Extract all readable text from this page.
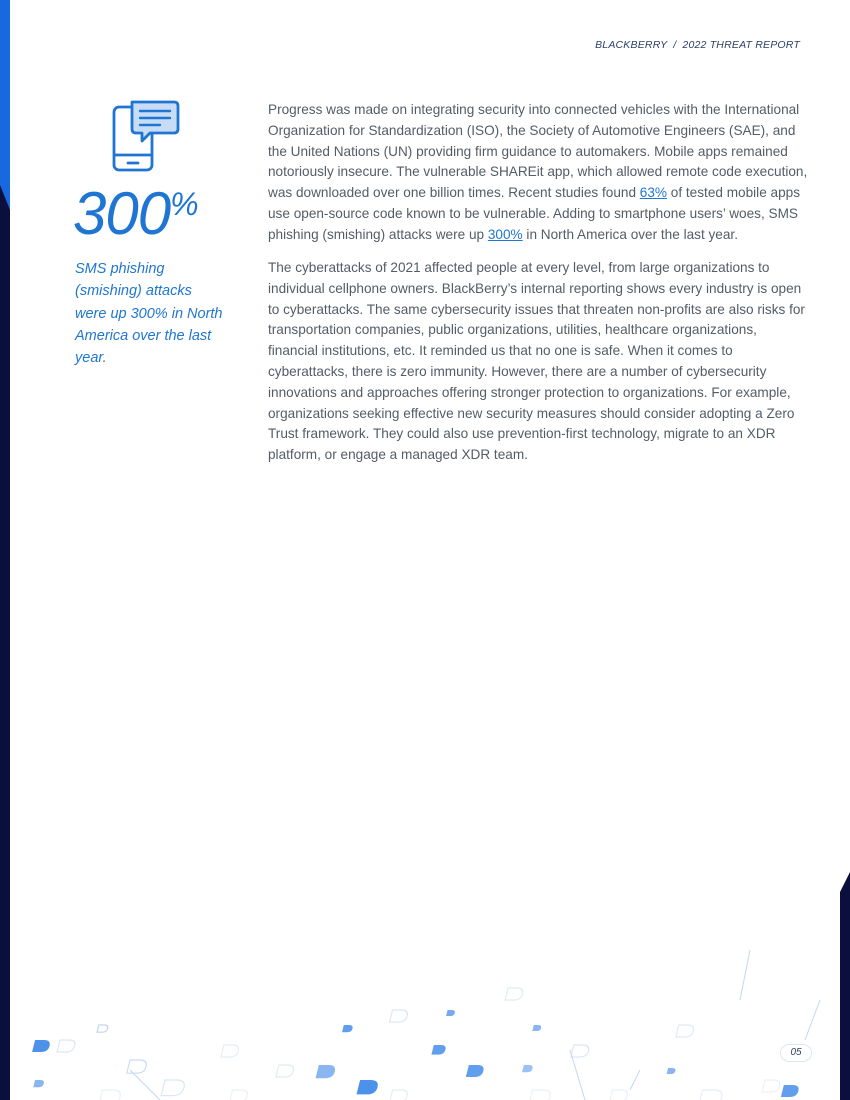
BLACKBERRY / 2022 THREAT REPORT
300%
SMS phishing (smishing) attacks were up 300% in North America over the last year.

Progress was made on integrating security into connected vehicles with the International Organization for Standardization (ISO), the Society of Automotive Engineers (SAE), and the United Nations (UN) providing firm guidance to automakers. Mobile apps remained notoriously insecure. The vulnerable SHAREit app, which allowed remote code execution, was downloaded over one billion times. Recent studies found 63% of tested mobile apps use open-source code known to be vulnerable. Adding to smartphone users’ woes, SMS phishing (smishing) attacks were up 300% in North America over the last year.

The cyberattacks of 2021 affected people at every level, from large organizations to individual cellphone owners. BlackBerry’s internal reporting shows every industry is open to cyberattacks. The same cybersecurity issues that threaten non-profits are also risks for transportation companies, public organizations, utilities, healthcare organizations, financial institutions, etc. It reminded us that no one is safe. When it comes to cyberattacks, there is zero immunity. However, there are a number of cybersecurity innovations and approaches offering stronger protection to organizations. For example, organizations seeking effective new security measures should consider adopting a Zero Trust framework. They could also use prevention-first technology, migrate to an XDR platform, or engage a managed XDR team.

05
